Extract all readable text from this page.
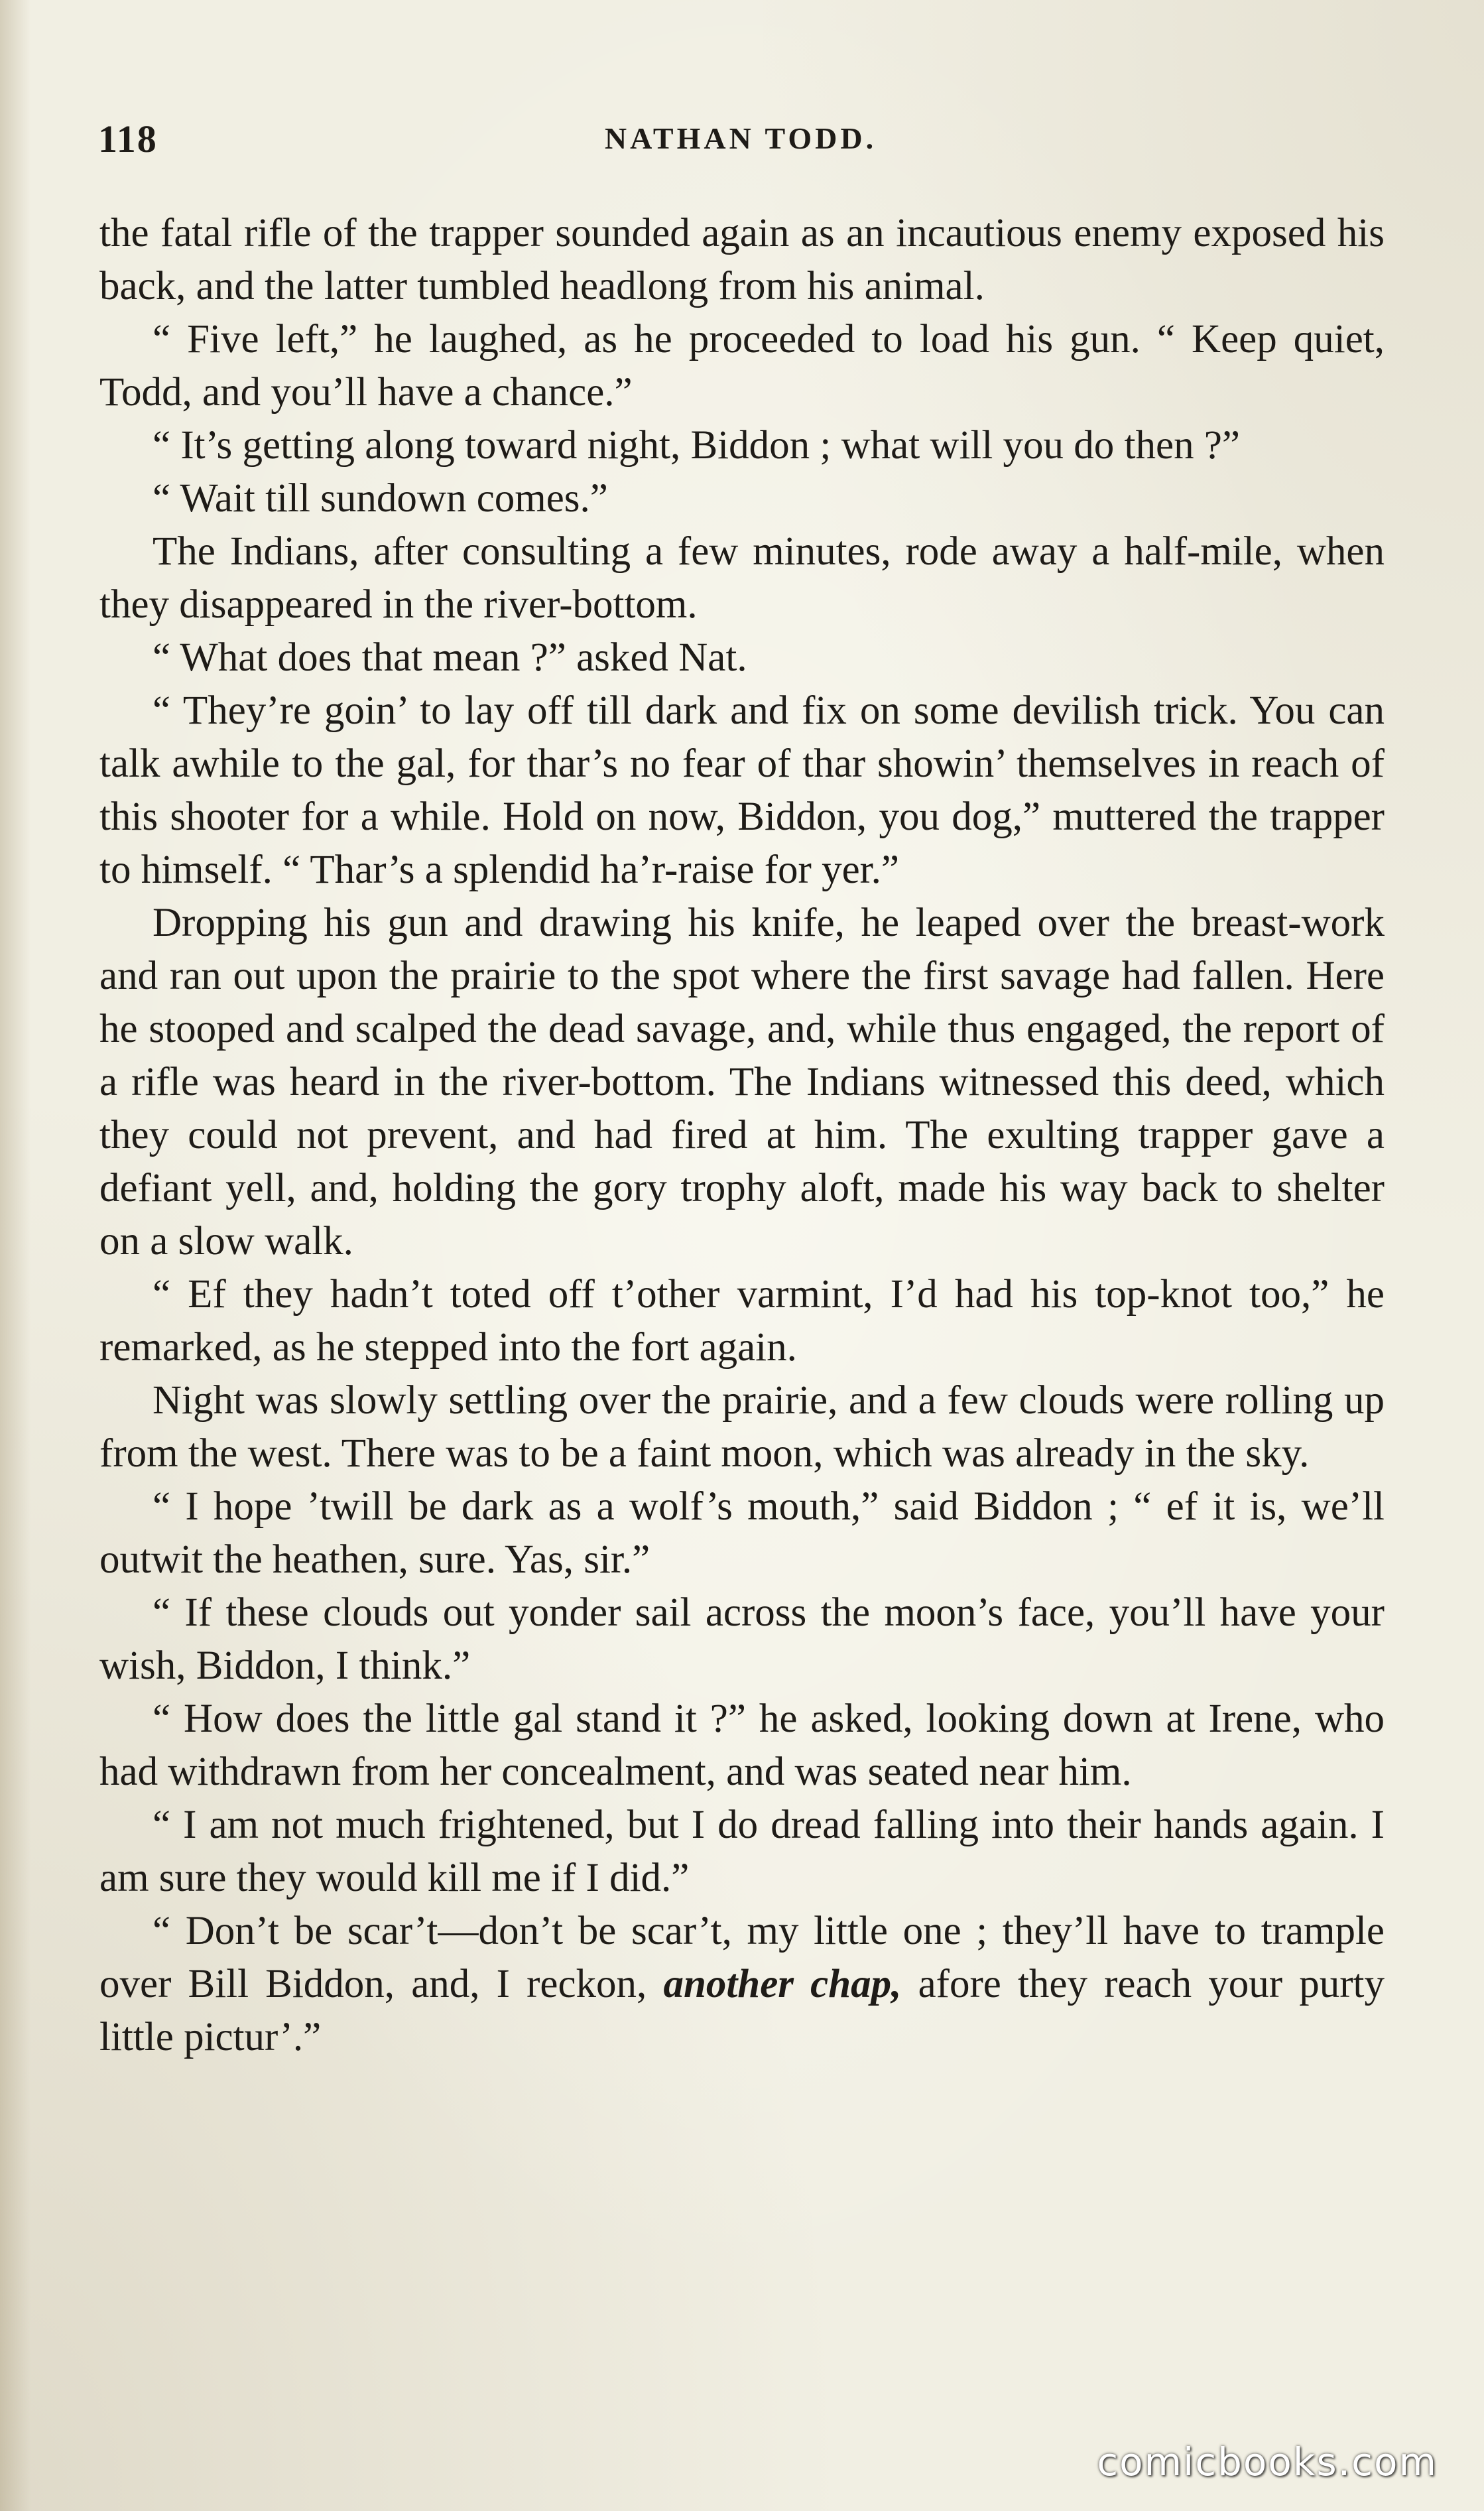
118	NATHAN TODD.

the fatal rifle of the trapper sounded again as an incautious enemy exposed his back, and the latter tumbled headlong from his animal.

“ Five left,” he laughed, as he proceeded to load his gun. “ Keep quiet, Todd, and you’ll have a chance.”

“ It’s getting along toward night, Biddon ; what will you do then ?”

“ Wait till sundown comes.”

The Indians, after consulting a few minutes, rode away a half-mile, when they disappeared in the river-bottom.

“ What does that mean ?” asked Nat.

“ They’re goin’ to lay off till dark and fix on some devilish trick. You can talk awhile to the gal, for thar’s no fear of thar showin’ themselves in reach of this shooter for a while. Hold on now, Biddon, you dog,” muttered the trapper to himself. “ Thar’s a splendid ha’r-raise for yer.”

Dropping his gun and drawing his knife, he leaped over the breast-work and ran out upon the prairie to the spot where the first savage had fallen. Here he stooped and scalped the dead savage, and, while thus engaged, the report of a rifle was heard in the river-bottom. The Indians witnessed this deed, which they could not prevent, and had fired at him. The exulting trapper gave a defiant yell, and, holding the gory trophy aloft, made his way back to shelter on a slow walk.

“ Ef they hadn’t toted off t’other varmint, I’d had his top-knot too,” he remarked, as he stepped into the fort again.

Night was slowly settling over the prairie, and a few clouds were rolling up from the west. There was to be a faint moon, which was already in the sky.

“ I hope ’twill be dark as a wolf’s mouth,” said Biddon ; “ ef it is, we’ll outwit the heathen, sure. Yas, sir.”

“ If these clouds out yonder sail across the moon’s face, you’ll have your wish, Biddon, I think.”

“ How does the little gal stand it ?” he asked, looking down at Irene, who had withdrawn from her concealment, and was seated near him.

“ I am not much frightened, but I do dread falling into their hands again. I am sure they would kill me if I did.”

“ Don’t be scar’t—don’t be scar’t, my little one ; they’ll have to trample over Bill Biddon, and, I reckon, another chap, afore they reach your purty little pictur’.”

comicbooks.com
